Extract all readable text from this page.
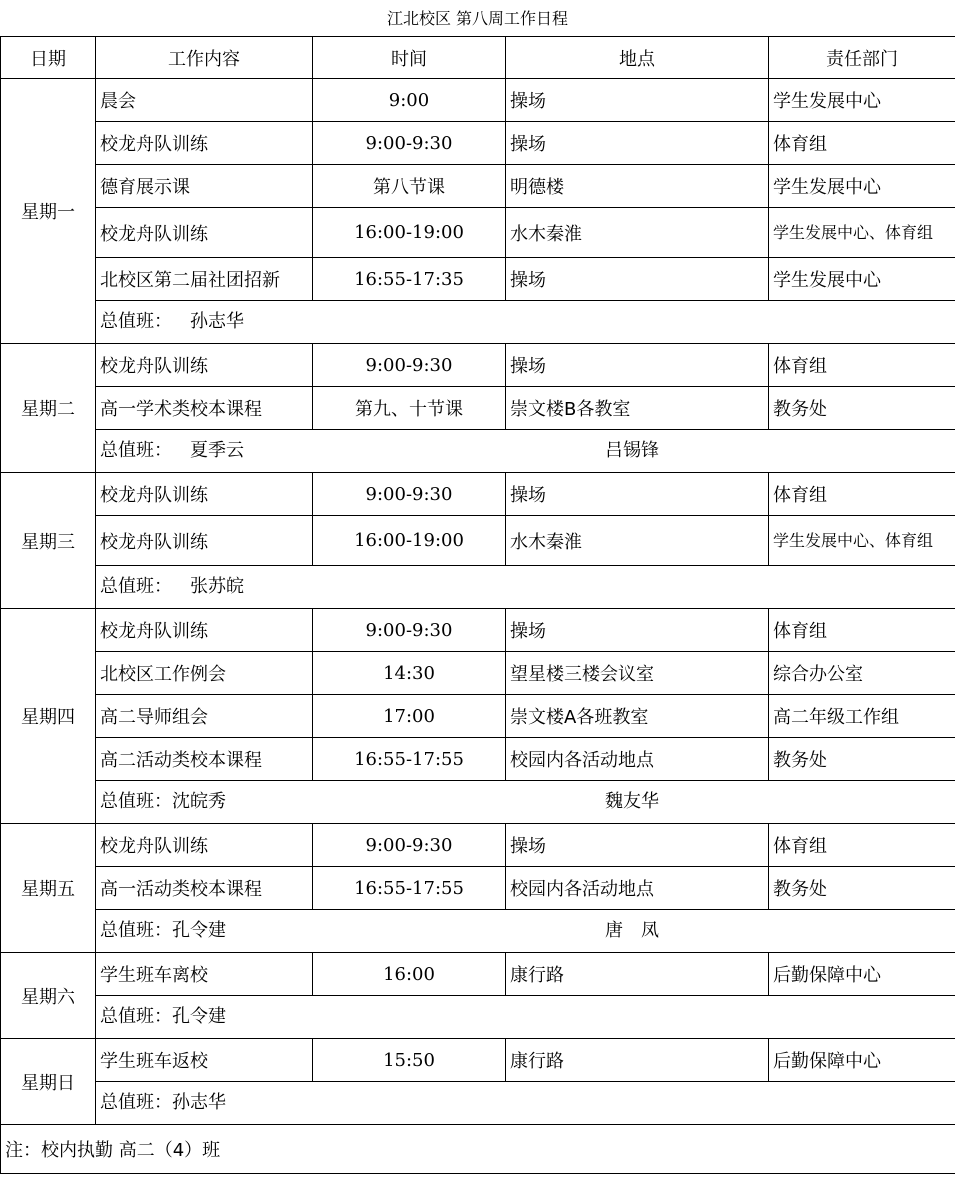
江北校区 第八周工作日程
日期	工作内容	时间	地点	责任部门
星期一	晨会	9:00	操场	学生发展中心
	校龙舟队训练	9:00-9:30	操场	体育组
	德育展示课	第八节课	明德楼	学生发展中心
	校龙舟队训练	16:00-19:00	水木秦淮	学生发展中心、体育组
	北校区第二届社团招新	16:55-17:35	操场	学生发展中心

	总值班： 孙志华			

星期二	校龙舟队训练	9:00-9:30	操场	体育组
	高一学术类校本课程	第九、十节课	崇文楼B各教室	教务处

	总值班： 夏季云 吕锡锋			

星期三	校龙舟队训练	9:00-9:30	操场	体育组
	校龙舟队训练	16:00-19:00	水木秦淮	学生发展中心、体育组

	总值班： 张苏皖			

星期四	校龙舟队训练	9:00-9:30	操场	体育组
	北校区工作例会	14:30	望星楼三楼会议室	综合办公室
	高二导师组会	17:00	崇文楼A各班教室	高二年级工作组
	高二活动类校本课程	16:55-17:55	校园内各活动地点	教务处

	总值班：沈皖秀 魏友华			

星期五	校龙舟队训练	9:00-9:30	操场	体育组
	高一活动类校本课程	16:55-17:55	校园内各活动地点	教务处

	总值班：孔令建 唐　凤			

星期六	学生班车离校	16:00	康行路	后勤保障中心

	总值班：孔令建			

星期日	学生班车返校	15:50	康行路	后勤保障中心

	总值班：孙志华			

注：校内执勤 高二（4）班				
